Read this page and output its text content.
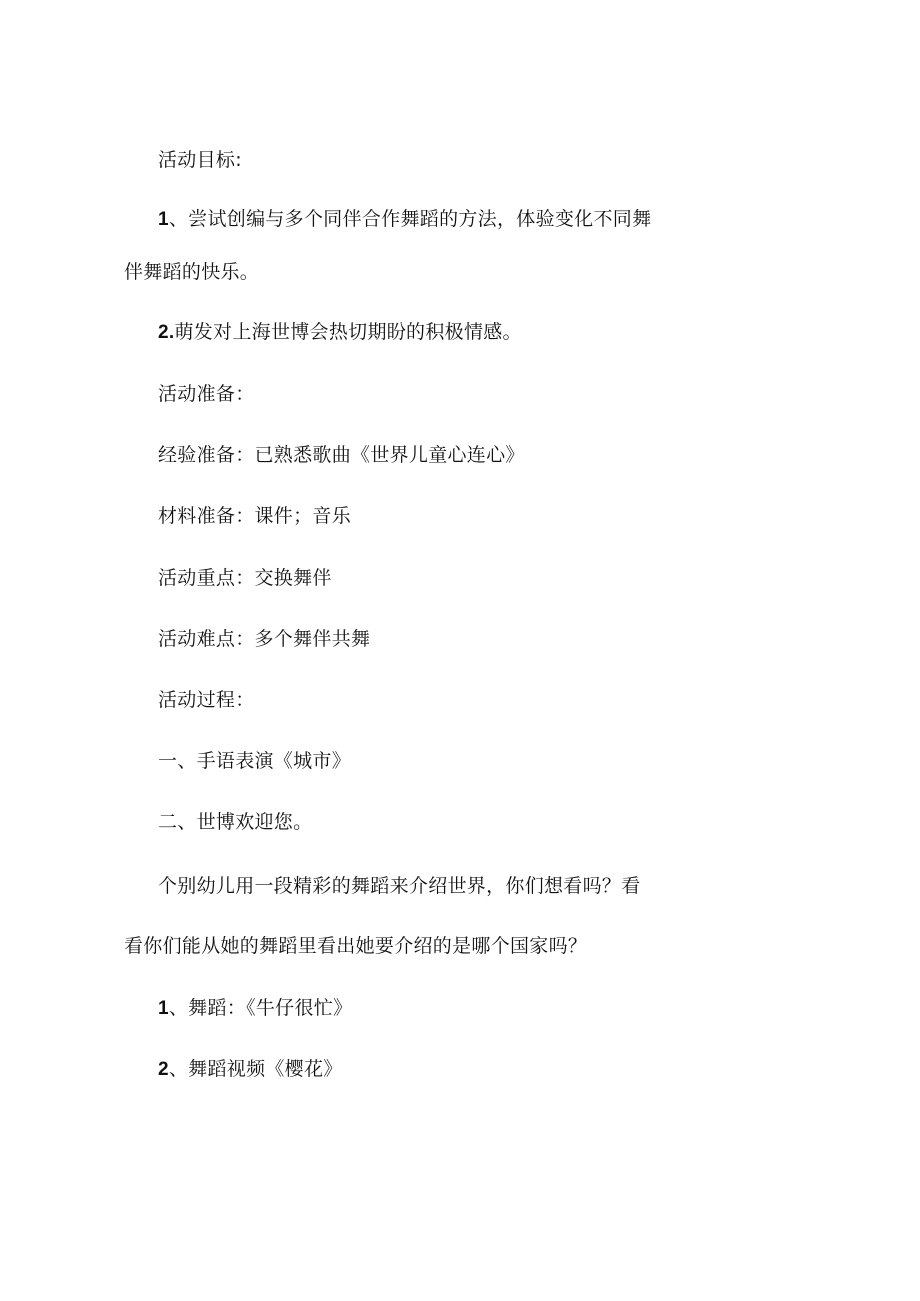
活动目标:
1、尝试创编与多个同伴合作舞蹈的方法，体验变化不同舞
伴舞蹈的快乐。
2.萌发对上海世博会热切期盼的积极情感。
活动准备：
经验准备：已熟悉歌曲《世界儿童心连心》
材料准备：课件；音乐
活动重点：交换舞伴
活动难点：多个舞伴共舞
活动过程：
一、手语表演《城市》
二、世博欢迎您。
个别幼儿用一段精彩的舞蹈来介绍世界，你们想看吗？看
看你们能从她的舞蹈里看出她要介绍的是哪个国家吗？
1、舞蹈：《牛仔很忙》
2、舞蹈视频《樱花》
